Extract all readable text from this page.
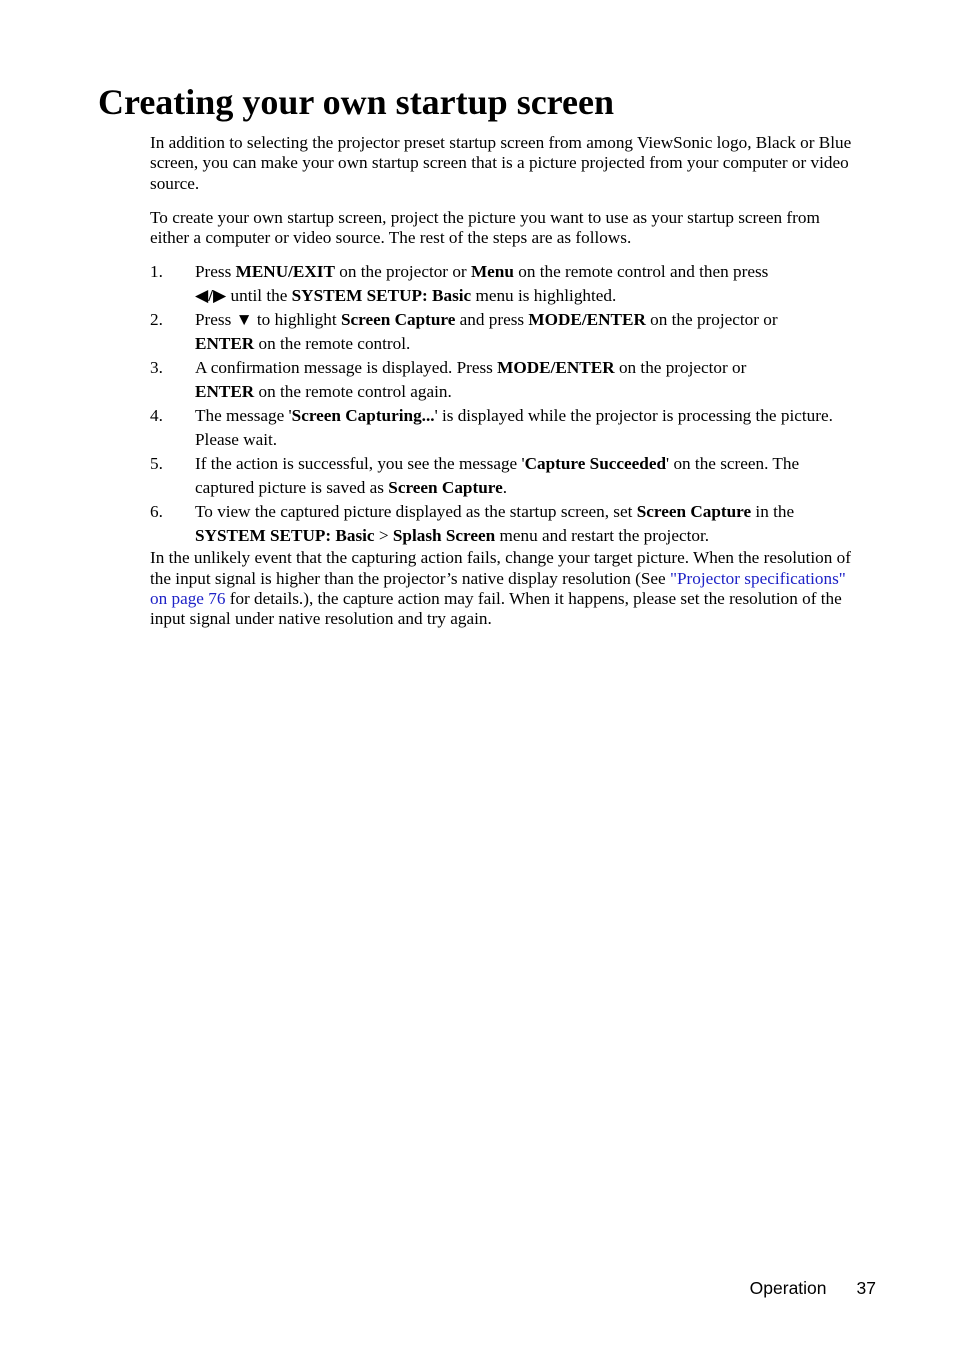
Creating your own startup screen

In addition to selecting the projector preset startup screen from among ViewSonic logo, Black or Blue screen, you can make your own startup screen that is a picture projected from your computer or video source.

To create your own startup screen, project the picture you want to use as your startup screen from either a computer or video source. The rest of the steps are as follows.

1. Press MENU/EXIT on the projector or Menu on the remote control and then press
◀/▶ until the SYSTEM SETUP: Basic menu is highlighted.
2. Press ▼ to highlight Screen Capture and press MODE/ENTER on the projector or
ENTER on the remote control.
3. A confirmation message is displayed. Press MODE/ENTER on the projector or
ENTER on the remote control again.
4. The message 'Screen Capturing...' is displayed while the projector is processing the picture. Please wait.
5. If the action is successful, you see the message 'Capture Succeeded' on the screen. The captured picture is saved as Screen Capture.
6. To view the captured picture displayed as the startup screen, set Screen Capture in the SYSTEM SETUP: Basic > Splash Screen menu and restart the projector.

In the unlikely event that the capturing action fails, change your target picture. When the resolution of the input signal is higher than the projector’s native display resolution (See "Projector specifications" on page 76 for details.), the capture action may fail. When it happens, please set the resolution of the input signal under native resolution and try again.

Operation 37
